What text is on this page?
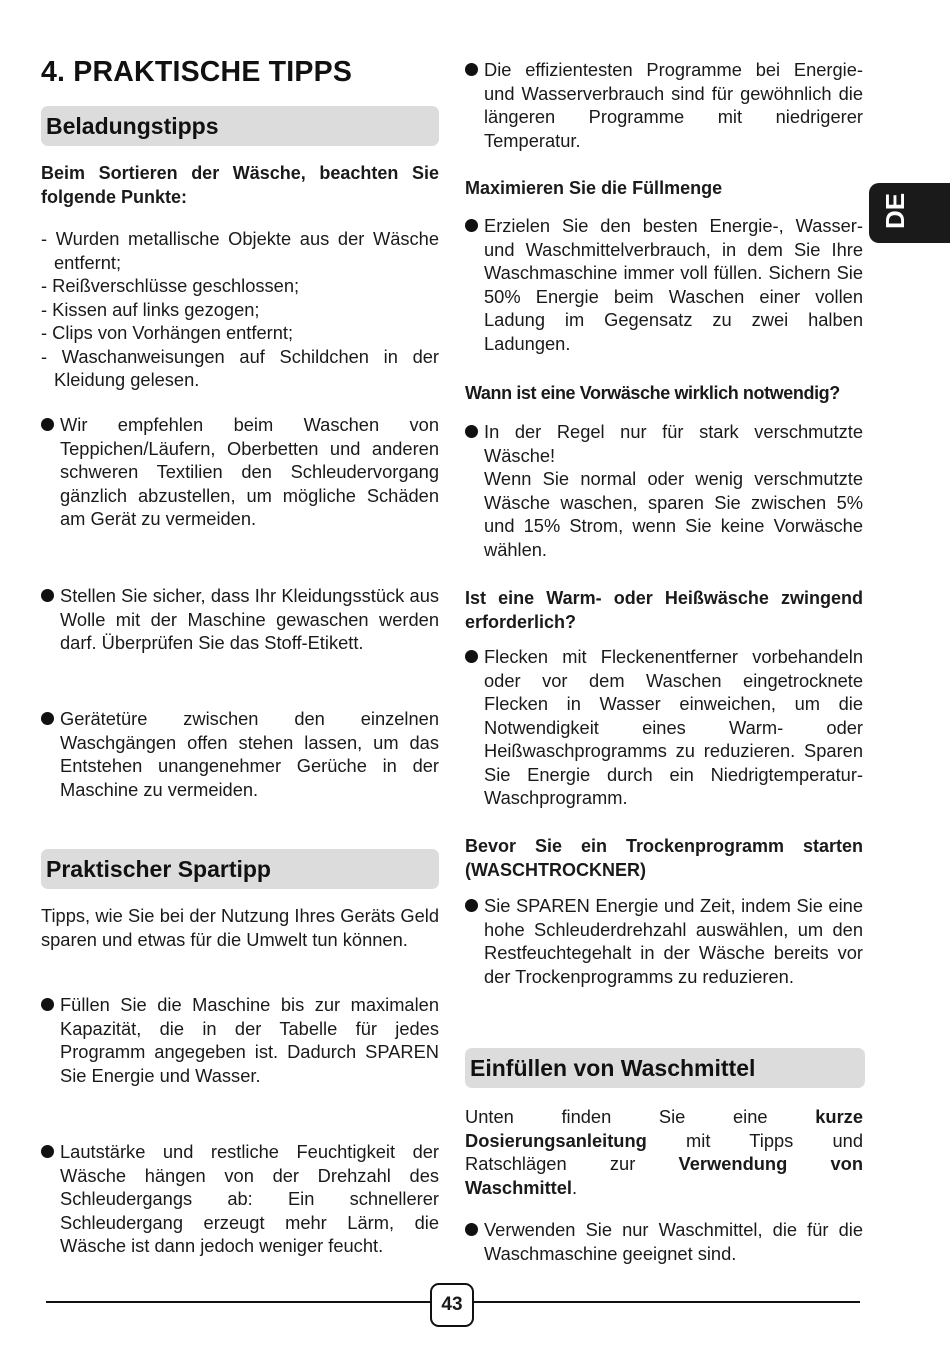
4. PRAKTISCHE TIPPS
DE
Beladungstipps

Beim Sortieren der Wäsche, beachten Sie folgende Punkte:

- Wurden metallische Objekte aus der Wäsche entfernt;
- Reißverschlüsse geschlossen;
- Kissen auf links gezogen;
- Clips von Vorhängen entfernt;
- Waschanweisungen auf Schildchen in der Kleidung gelesen.

Wir empfehlen beim Waschen von Teppichen/Läufern, Oberbetten und anderen schweren Textilien den Schleudervorgang gänzlich abzustellen, um mögliche Schäden am Gerät zu vermeiden.

Stellen Sie sicher, dass Ihr Kleidungsstück aus Wolle mit der Maschine gewaschen werden darf. Überprüfen Sie das Stoff-Etikett.

Gerätetüre zwischen den einzelnen Waschgängen offen stehen lassen, um das Entstehen unangenehmer Gerüche in der Maschine zu vermeiden.

Praktischer Spartipp

Tipps, wie Sie bei der Nutzung Ihres Geräts Geld sparen und etwas für die Umwelt tun können.

Füllen Sie die Maschine bis zur maximalen Kapazität, die in der Tabelle für jedes Programm angegeben ist. Dadurch SPAREN Sie Energie und Wasser.

Lautstärke und restliche Feuchtigkeit der Wäsche hängen von der Drehzahl des Schleudergangs ab: Ein schnellerer Schleudergang erzeugt mehr Lärm, die Wäsche ist dann jedoch weniger feucht.

Die effizientesten Programme bei Energie- und Wasserverbrauch sind für gewöhnlich die längeren Programme mit niedrigerer Temperatur.

Maximieren Sie die Füllmenge

Erzielen Sie den besten Energie-, Wasser- und Waschmittelverbrauch, in dem Sie Ihre Waschmaschine immer voll füllen. Sichern Sie 50% Energie beim Waschen einer vollen Ladung im Gegensatz zu zwei halben Ladungen.

Wann ist eine Vorwäsche wirklich notwendig?

In der Regel nur für stark verschmutzte Wäsche!

Wenn Sie normal oder wenig verschmutzte Wäsche waschen, sparen Sie zwischen 5% und 15% Strom, wenn Sie keine Vorwäsche wählen.

Ist eine Warm- oder Heißwäsche zwingend erforderlich?

Flecken mit Fleckenentferner vorbehandeln oder vor dem Waschen eingetrocknete Flecken in Wasser einweichen, um die Notwendigkeit eines Warm- oder Heißwaschprogramms zu reduzieren. Sparen Sie Energie durch ein Niedrigtemperatur-Waschprogramm.

Bevor Sie ein Trockenprogramm starten (WASCHTROCKNER)

Sie SPAREN Energie und Zeit, indem Sie eine hohe Schleuderdrehzahl auswählen, um den Restfeuchtegehalt in der Wäsche bereits vor der Trockenprogramms zu reduzieren.

Einfüllen von Waschmittel

Unten finden Sie eine kurze Dosierungsanleitung mit Tipps und Ratschlägen zur Verwendung von Waschmittel.

Verwenden Sie nur Waschmittel, die für die Waschmaschine geeignet sind.

43
